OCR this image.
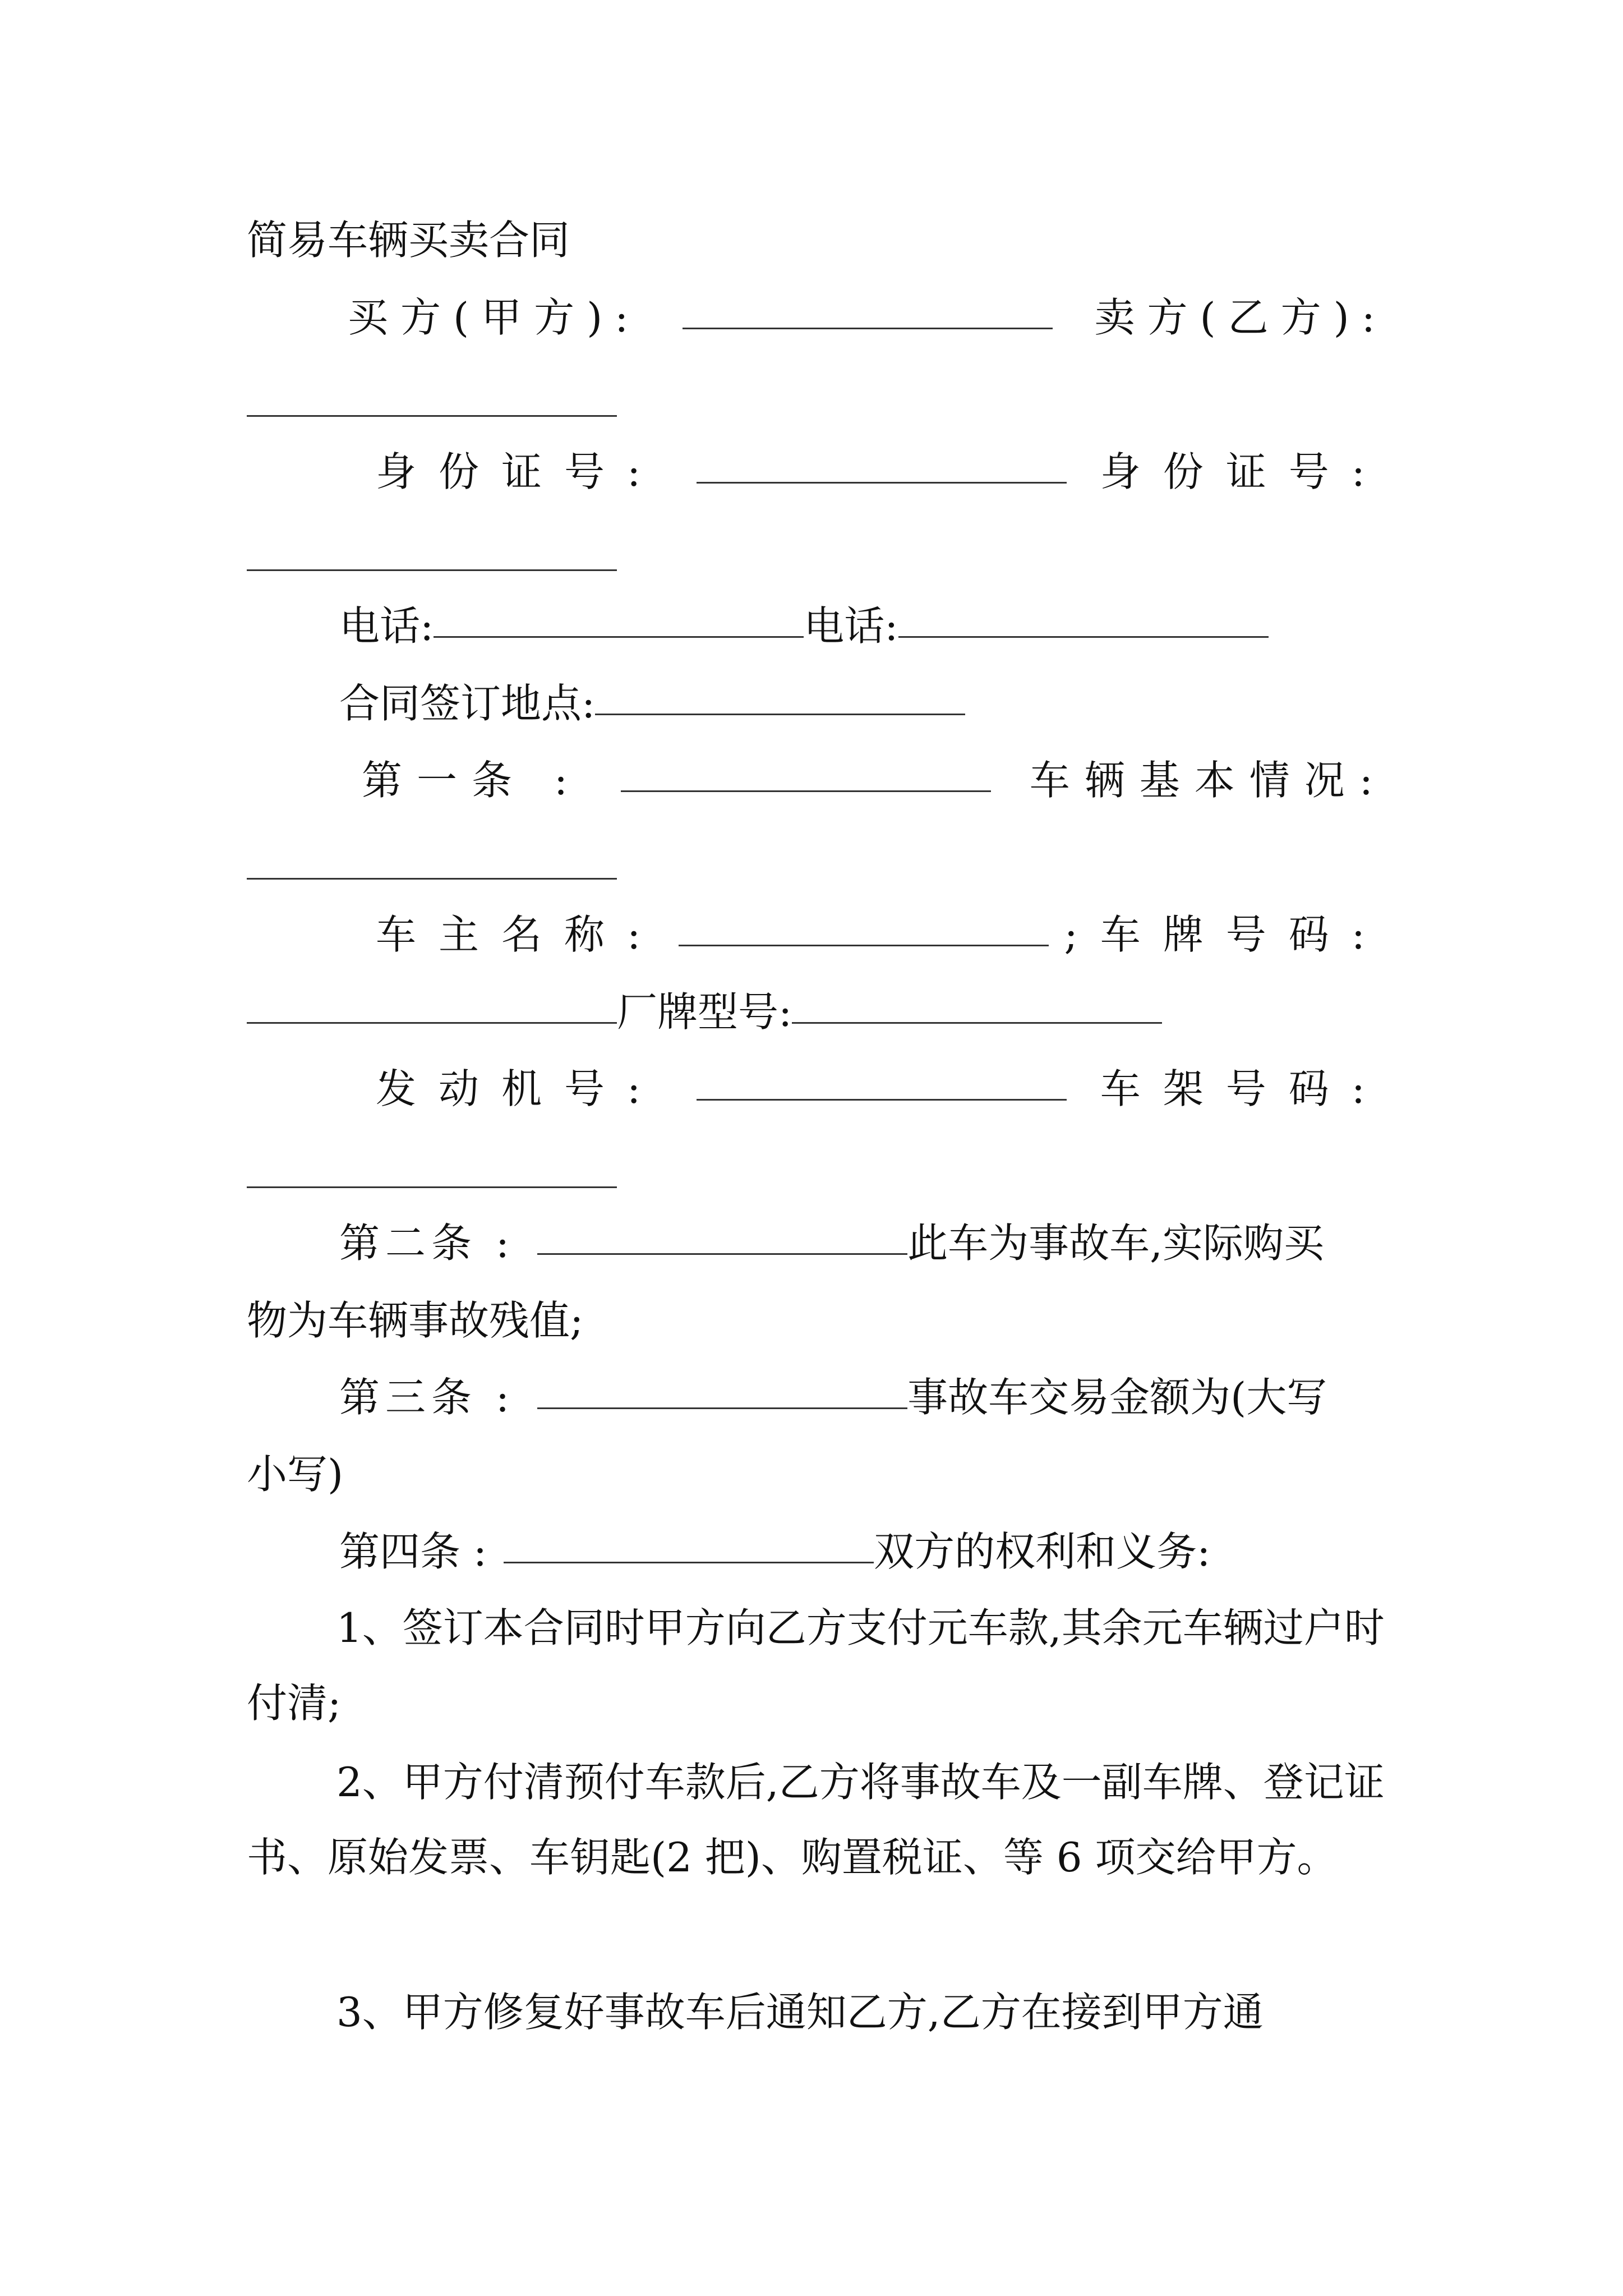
简易车辆买卖合同
买方(甲方):	卖方(乙方):
身份证号:	身份证号:
电话:	电话:
合同签订地点:
第一条 :	车辆基本情况:
车主名称:	;车牌号码:
厂牌型号:
发动机号:	车架号码:
第二条 :	此车为事故车,实际购买
物为车辆事故残值;
第三条 :	事故车交易金额为(大写
小写)
第四条 :	双方的权利和义务:
1、签订本合同时甲方向乙方支付元车款,其余元车辆过户时付清;
2、甲方付清预付车款后,乙方将事故车及一副车牌、登记证书、原始发票、车钥匙(2 把)、购置税证、等 6 项交给甲方。
3、甲方修复好事故车后通知乙方,乙方在接到甲方通
